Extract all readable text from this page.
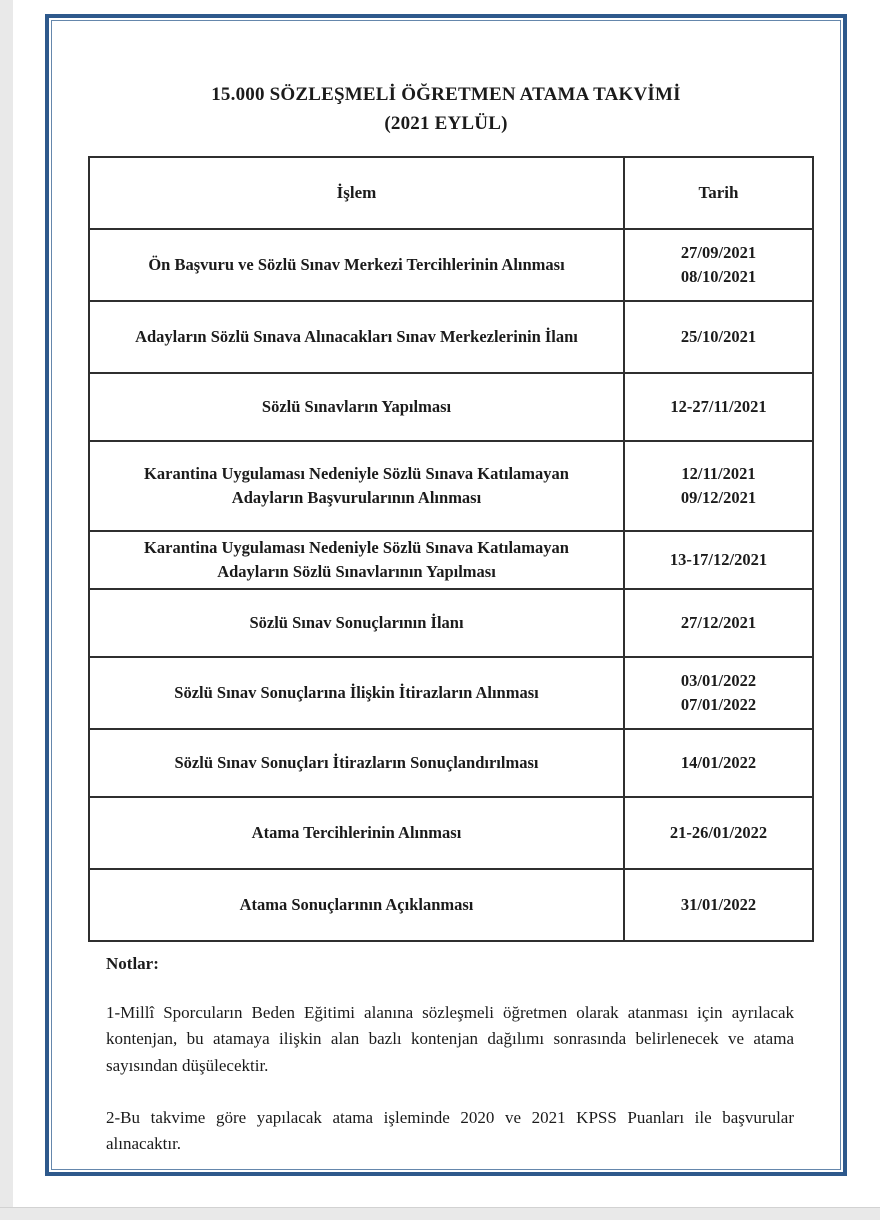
15.000 SÖZLEŞMELİ ÖĞRETMEN ATAMA TAKVİMİ
(2021 EYLÜL)
İşlem	Tarih
Ön Başvuru ve Sözlü Sınav Merkezi Tercihlerinin Alınması	27/09/2021
08/10/2021
Adayların Sözlü Sınava Alınacakları Sınav Merkezlerinin İlanı	25/10/2021
Sözlü Sınavların Yapılması	12-27/11/2021
Karantina Uygulaması Nedeniyle Sözlü Sınava Katılamayan
Adayların Başvurularının Alınması	12/11/2021
09/12/2021
Karantina Uygulaması Nedeniyle Sözlü Sınava Katılamayan
Adayların Sözlü Sınavlarının Yapılması	13-17/12/2021
Sözlü Sınav Sonuçlarının İlanı	27/12/2021
Sözlü Sınav Sonuçlarına İlişkin İtirazların Alınması	03/01/2022
07/01/2022
Sözlü Sınav Sonuçları İtirazların Sonuçlandırılması	14/01/2022
Atama Tercihlerinin Alınması	21-26/01/2022
Atama Sonuçlarının Açıklanması	31/01/2022
Notlar:

1-Millî Sporcuların Beden Eğitimi alanına sözleşmeli öğretmen olarak atanması için ayrılacak kontenjan, bu atamaya ilişkin alan bazlı kontenjan dağılımı sonrasında belirlenecek ve atama sayısından düşülecektir.

2-Bu takvime göre yapılacak atama işleminde 2020 ve 2021 KPSS Puanları ile başvurular alınacaktır.
